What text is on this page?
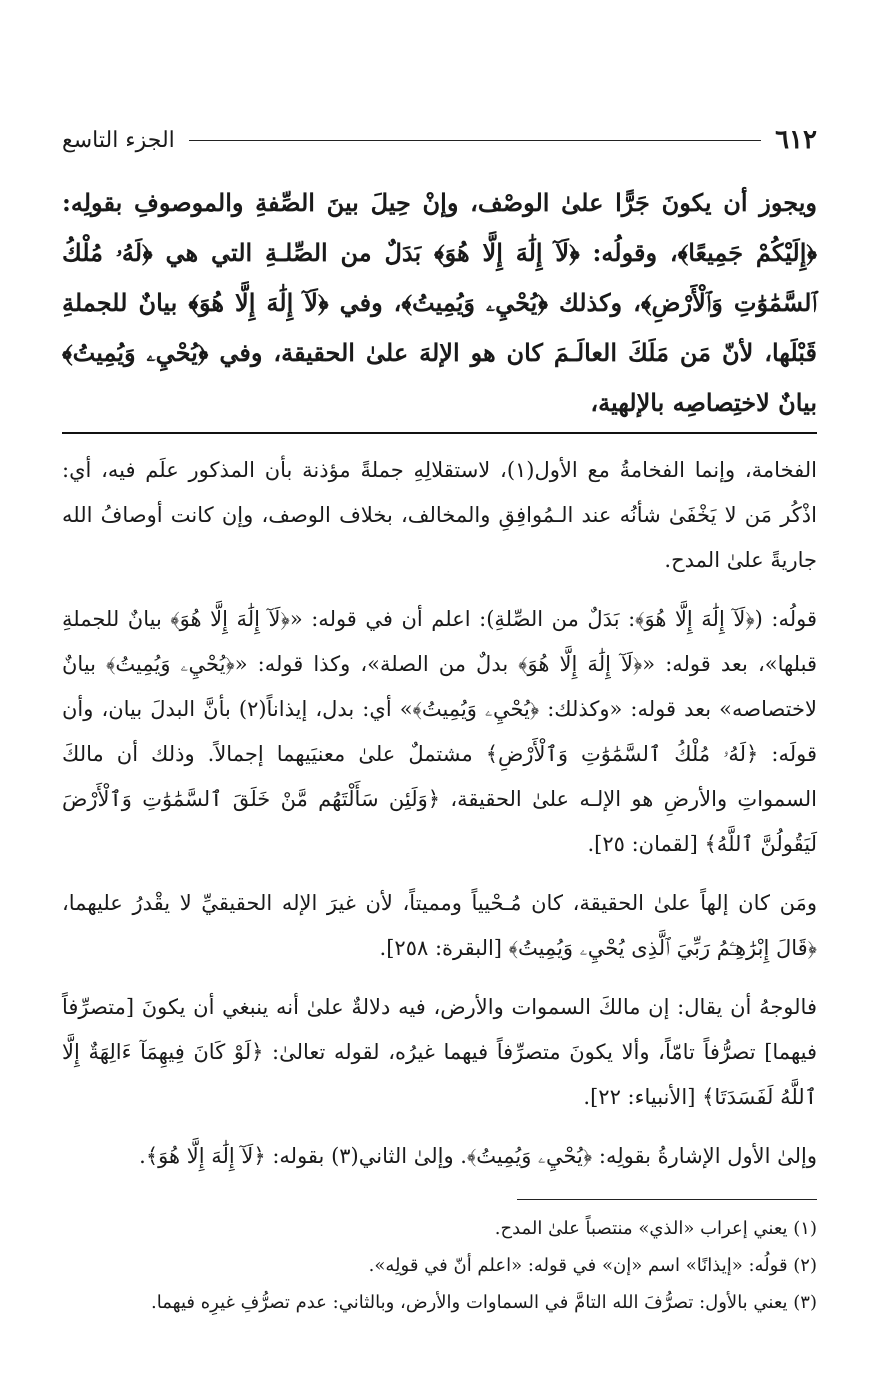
٦١٢
الجزء التاسع
ويجوز أن يكونَ جَرًّا علىٰ الوصْف، وإنْ حِيلَ بينَ الصِّفةِ والموصوفِ بقولِه: ﴿إِلَيْكُمْ جَمِيعًا﴾، وقولُه: ﴿لَآ إِلَٰهَ إِلَّا هُوَ﴾ بَدَلٌ من الصِّلـةِ التي هي ﴿لَهُۥ مُلْكُ ٱلسَّمَٰوَٰتِ وَٱلْأَرْضِ﴾، وكذلك ﴿يُحْيِۦ وَيُمِيتُ﴾، وفي ﴿لَآ إِلَٰهَ إِلَّا هُوَ﴾ بيانٌ للجملةِ قَبْلَها، لأنّ مَن مَلَكَ العالَـمَ كان هو الإلهَ علىٰ الحقيقة، وفي ﴿يُحْيِۦ وَيُمِيتُ﴾ بيانٌ لاختِصاصِه بالإلهية،

الفخامة، وإنما الفخامةُ مع الأول(١)، لاستقلالِهِ جملةً مؤذنة بأن المذكور علَم فيه، أي: اذْكُر مَن لا يَخْفَىٰ شأنُه عند الـمُوافِقِ والمخالف، بخلاف الوصف، وإن كانت أوصافُ الله جاريةً علىٰ المدح.

قولُه: (﴿لَآ إِلَٰهَ إِلَّا هُوَ﴾: بَدَلٌ من الصِّلةِ): اعلم أن في قوله: «﴿لَآ إِلَٰهَ إِلَّا هُوَ﴾ بيانٌ للجملةِ قبلها»، بعد قوله: «﴿لَآ إِلَٰهَ إِلَّا هُوَ﴾ بدلٌ من الصلة»، وكذا قوله: «﴿يُحْيِۦ وَيُمِيتُ﴾ بيانٌ لاختصاصه» بعد قوله: «وكذلك: ﴿يُحْيِۦ وَيُمِيتُ﴾» أي: بدل، إيذاناً(٢) بأنَّ البدلَ بيان، وأن قولَه: ﴿لَهُۥ مُلْكُ ٱلسَّمَٰوَٰتِ وَٱلْأَرْضِ﴾ مشتملٌ علىٰ معنيَيهما إجمالاً. وذلك أن مالكَ السمواتِ والأرضِ هو الإلـه علىٰ الحقيقة، ﴿وَلَئِن سَأَلْتَهُم مَّنْ خَلَقَ ٱلسَّمَٰوَٰتِ وَٱلْأَرْضَ لَيَقُولُنَّ ٱللَّهُ﴾ [لقمان: ٢٥].

ومَن كان إلهاً علىٰ الحقيقة، كان مُـحْيياً ومميتاً، لأن غيرَ الإله الحقيقيِّ لا يقْدرُ عليهما، ﴿قَالَ إِبْرَٰهِـۧمُ رَبِّيَ ٱلَّذِى يُحْيِۦ وَيُمِيتُ﴾ [البقرة: ٢٥٨].

فالوجهُ أن يقال: إن مالكَ السموات والأرض، فيه دلالةٌ علىٰ أنه ينبغي أن يكونَ [متصرِّفاً فيهما] تصرُّفاً تامّاً، وألا يكونَ متصرِّفاً فيهما غيرُه، لقوله تعالىٰ: ﴿لَوْ كَانَ فِيهِمَآ ءَالِهَةٌ إِلَّا ٱللَّهُ لَفَسَدَتَا﴾ [الأنبياء: ٢٢].

وإلىٰ الأول الإشارةُ بقولِه: ﴿يُحْيِۦ وَيُمِيتُ﴾. وإلىٰ الثاني(٣) بقوله: ﴿لَآ إِلَٰهَ إِلَّا هُوَ﴾.

(١) يعني إعراب «الذي» منتصباً علىٰ المدح.
(٢) قولُه: «إيذانًا» اسم «إن» في قوله: «اعلم أنّ في قولِه».
(٣) يعني بالأول: تصرُّفَ الله التامَّ في السماوات والأرض، وبالثاني: عدم تصرُّفِ غيرِه فيهما.
